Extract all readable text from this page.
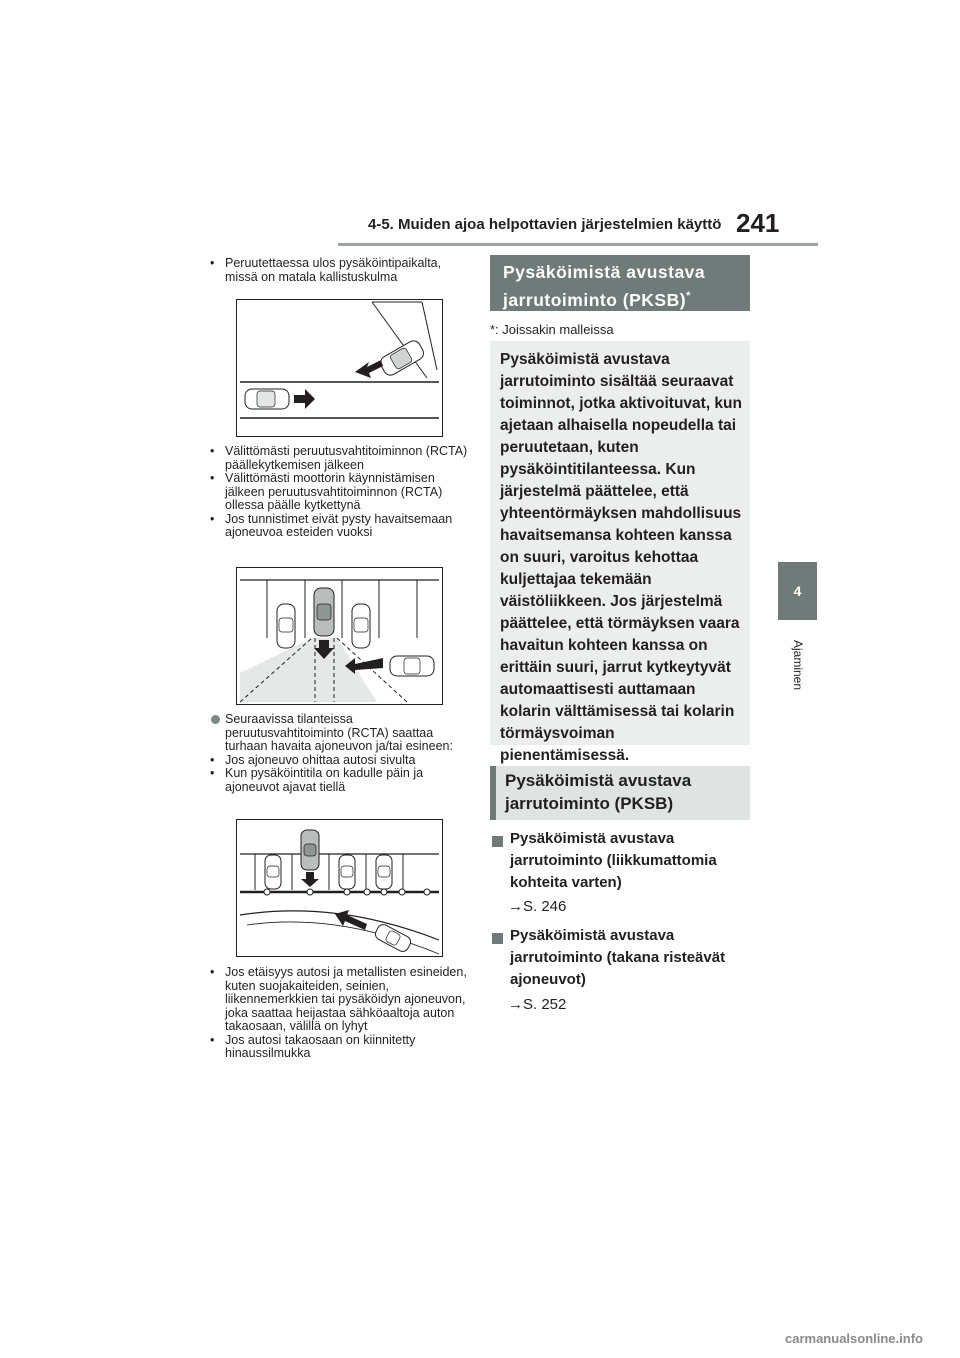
4-5. Muiden ajoa helpottavien järjestelmien käyttö 241
4
Ajaminen
• Peruutettaessa ulos pysäköintipaikalta, missä on matala kallistuskulma
• Välittömästi peruutusvahtitoiminnon (RCTA) päällekytkemisen jälkeen
• Välittömästi moottorin käynnistämisen jälkeen peruutusvahtitoiminnon (RCTA) ollessa päälle kytkettynä
• Jos tunnistimet eivät pysty havaitsemaan ajoneuvoa esteiden vuoksi
Seuraavissa tilanteissa peruutusvahtitoiminto (RCTA) saattaa turhaan havaita ajoneuvon ja/tai esineen:
• Jos ajoneuvo ohittaa autosi sivulta
• Kun pysäköintitila on kadulle päin ja ajoneuvot ajavat tiellä
• Jos etäisyys autosi ja metallisten esineiden, kuten suojakaiteiden, seinien, liikennemerkkien tai pysäköidyn ajoneuvon, joka saattaa heijastaa sähköaaltoja auton takaosaan, välillä on lyhyt
• Jos autosi takaosaan on kiinnitetty hinaussilmukka
Pysäköimistä avustava jarrutoiminto (PKSB)*
*: Joissakin malleissa
Pysäköimistä avustava jarrutoiminto sisältää seuraavat toiminnot, jotka aktivoituvat, kun ajetaan alhaisella nopeudella tai peruutetaan, kuten pysäköintitilanteessa. Kun järjestelmä päättelee, että yhteentörmäyksen mahdollisuus havaitsemansa kohteen kanssa on suuri, varoitus kehottaa kuljettajaa tekemään väistöliikkeen. Jos järjestelmä päättelee, että törmäyksen vaara havaitun kohteen kanssa on erittäin suuri, jarrut kytkeytyvät automaattisesti auttamaan kolarin välttämisessä tai kolarin törmäysvoiman pienentämisessä.
Pysäköimistä avustava jarrutoiminto (PKSB)
Pysäköimistä avustava jarrutoiminto (liikkumattomia kohteita varten)
→S. 246
Pysäköimistä avustava jarrutoiminto (takana risteävät ajoneuvot)
→S. 252
carmanualsonline.info
